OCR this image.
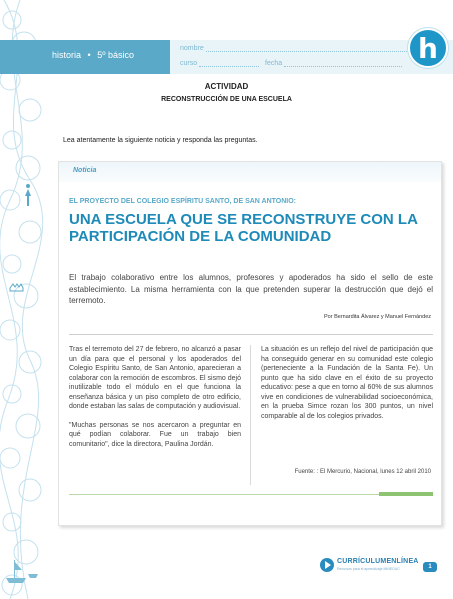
historia • 5º básico
nombre
curso	fecha	h
ACTIVIDAD
RECONSTRUCCIÓN DE UNA ESCUELA
Lea atentamente la siguiente noticia y responda las preguntas.
Noticia
EL PROYECTO DEL COLEGIO ESPÍRITU SANTO, DE SAN ANTONIO:
UNA ESCUELA QUE SE RECONSTRUYE CON LA PARTICIPACIÓN DE LA COMUNIDAD
El trabajo colaborativo entre los alumnos, profesores y apoderados ha sido el sello de este establecimiento. La misma herramienta con la que pretenden superar la destrucción que dejó el terremoto.
Por Bernardita Álvarez y Manuel Fernández

Tras el terremoto del 27 de febrero, no alcanzó a pasar un día para que el personal y los apoderados del Colegio Espíritu Santo, de San Antonio, aparecieran a colaborar con la remoción de escombros. El sismo dejó inutilizable todo el módulo en el que funciona la enseñanza básica y un piso completo de otro edificio, donde estaban las salas de computación y audiovisual.

"Muchas personas se nos acercaron a preguntar en qué podían colaborar. Fue un trabajo bien comunitario", dice la directora, Paulina Jordán.

La situación es un reflejo del nivel de participación que ha conseguido generar en su comunidad este colegio (perteneciente a la Fundación de la Santa Fe). Un punto que ha sido clave en el éxito de su proyecto educativo: pese a que en torno al 60% de sus alumnos vive en condiciones de vulnerabilidad socioeconómica, en la prueba Simce rozan los 300 puntos, un nivel comparable al de los colegios privados.

Fuente: : El Mercurio, Nacional, lunes 12 abril 2010
CURRÍCULUMENLÍNEA
Recursos para el aprendizaje MINEDUC	1
